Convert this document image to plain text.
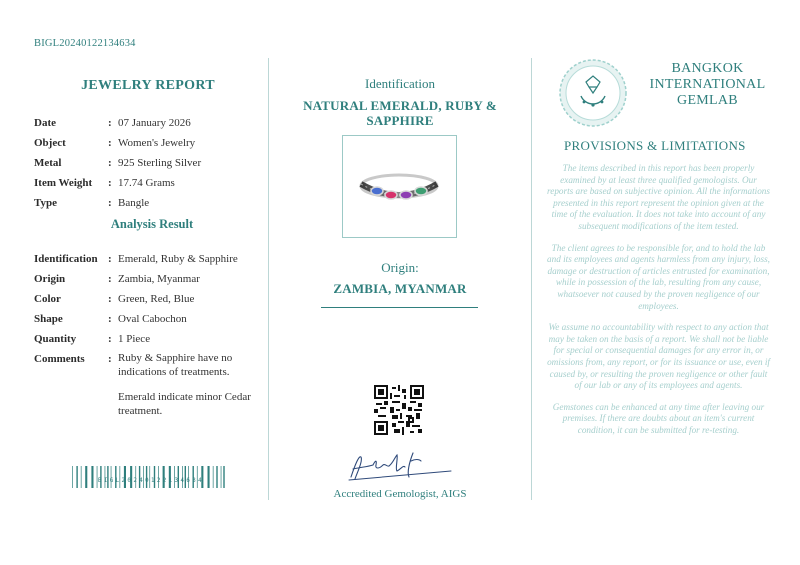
BIGL20240122134634
JEWELRY REPORT
Date	: 07 January 2026
Object	: Women's Jewelry
Metal	: 925 Sterling Silver
Item Weight	: 17.74 Grams
Type	: Bangle
Analysis Result
Identification : Emerald, Ruby & Sapphire
Origin	: Zambia, Myanmar
Color	: Green, Red, Blue
Shape	: Oval Cabochon
Quantity	: 1 Piece
Comments	: Ruby & Sapphire have no indications of treatments.
Emerald indicate minor Cedar treatment.
BIGL20240122134634
Identification
NATURAL EMERALD, RUBY & SAPPHIRE
Origin:
ZAMBIA, MYANMAR
Accredited Gemologist, AIGS
BANGKOK INTERNATIONAL GEMLAB
PROVISIONS & LIMITATIONS

The items described in this report has been properly examined by at least three qualified gemologists. Our reports are based on subjective opinion. All the informations presented in this report represent the opinion given at the time of the evaluation. It does not take into account of any subsequent modifications of the item tested.

The client agrees to be responsible for, and to hold the lab and its employees and agents harmless from any injury, loss, damage or destruction of articles entrusted for examination, while in possession of the lab, resulting from any cause, whatsoever not caused by the proven negligence of our employees.

We assume no accountability with respect to any action that may be taken on the basis of a report. We shall not be liable for special or consequential damages for any error in, or omissions from, any report, or for its issuance or use, even if caused by, or resulting the proven negligence or other fault of our lab or any of its employees and agents.

Gemstones can be enhanced at any time after leaving our premises. If there are doubts about an item's current condition, it can be submitted for re-testing.
